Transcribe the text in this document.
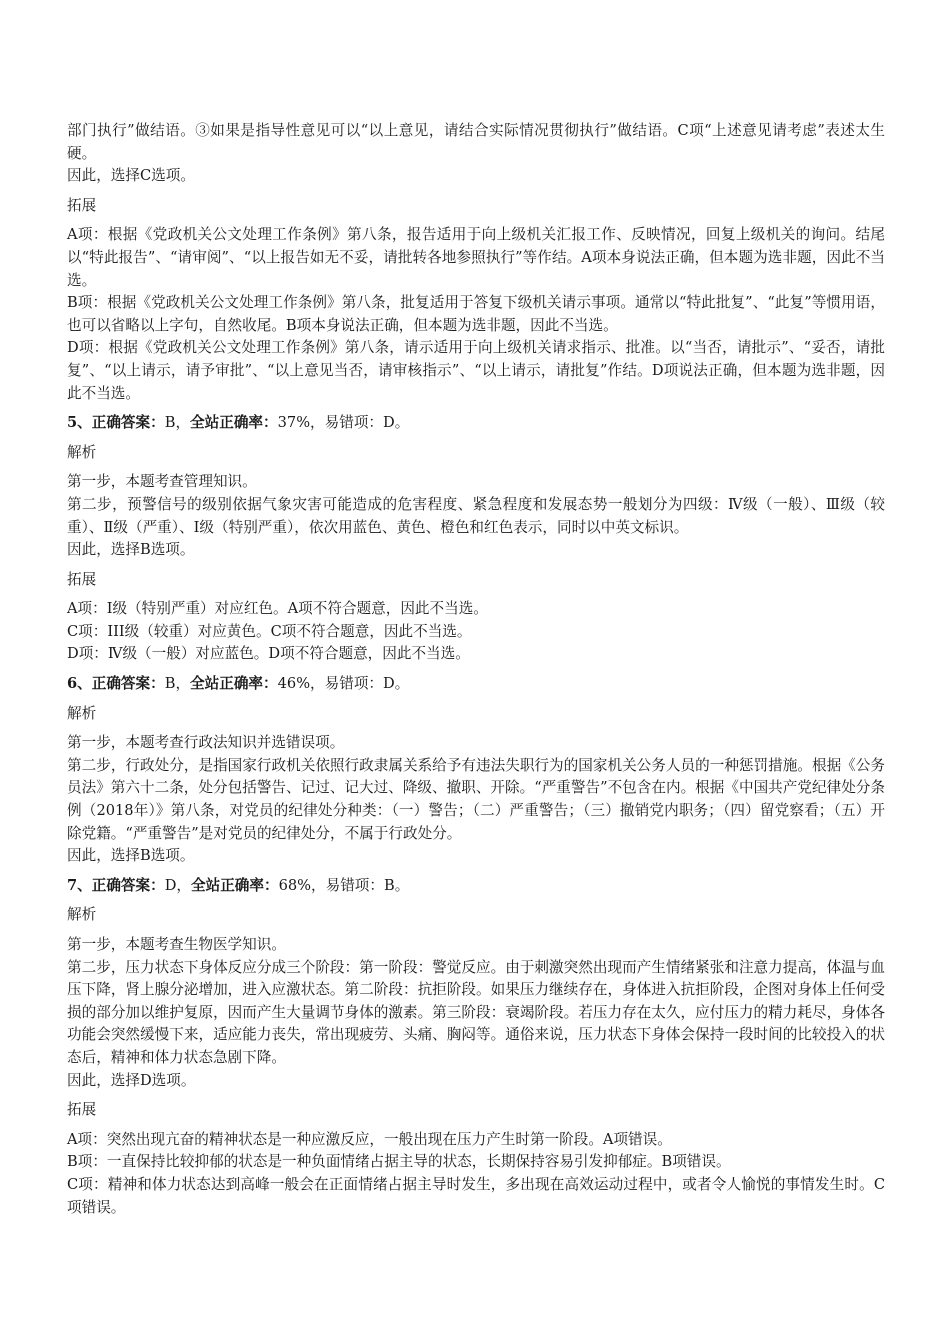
部门执行”做结语。③如果是指导性意见可以“以上意见，请结合实际情况贯彻执行”做结语。C项“上述意见请考虑”表述太生硬。

因此，选择C选项。

拓展

A项：根据《党政机关公文处理工作条例》第八条，报告适用于向上级机关汇报工作、反映情况，回复上级机关的询问。结尾以“特此报告”、“请审阅”、“以上报告如无不妥，请批转各地参照执行”等作结。A项本身说法正确，但本题为选非题，因此不当选。

B项：根据《党政机关公文处理工作条例》第八条，批复适用于答复下级机关请示事项。通常以“特此批复”、“此复”等惯用语，也可以省略以上字句，自然收尾。B项本身说法正确，但本题为选非题，因此不当选。

D项：根据《党政机关公文处理工作条例》第八条，请示适用于向上级机关请求指示、批准。以“当否，请批示”、“妥否，请批复”、“以上请示，请予审批”、“以上意见当否，请审核指示”、“以上请示，请批复”作结。D项说法正确，但本题为选非题，因此不当选。

5、正确答案：B，全站正确率：37%，易错项：D。

解析

第一步，本题考查管理知识。

第二步，预警信号的级别依据气象灾害可能造成的危害程度、紧急程度和发展态势一般划分为四级：Ⅳ级（一般）、Ⅲ级（较重）、Ⅱ级（严重）、Ⅰ级（特别严重），依次用蓝色、黄色、橙色和红色表示，同时以中英文标识。

因此，选择B选项。

拓展

A项：Ⅰ级（特别严重）对应红色。A项不符合题意，因此不当选。

C项：III级（较重）对应黄色。C项不符合题意，因此不当选。

D项：Ⅳ级（一般）对应蓝色。D项不符合题意，因此不当选。

6、正确答案：B，全站正确率：46%，易错项：D。

解析

第一步，本题考查行政法知识并选错误项。

第二步，行政处分，是指国家行政机关依照行政隶属关系给予有违法失职行为的国家机关公务人员的一种惩罚措施。根据《公务员法》第六十二条，处分包括警告、记过、记大过、降级、撤职、开除。“严重警告”不包含在内。根据《中国共产党纪律处分条例（2018年）》第八条，对党员的纪律处分种类：（一）警告；（二）严重警告；（三）撤销党内职务；（四）留党察看；（五）开除党籍。“严重警告”是对党员的纪律处分，不属于行政处分。

因此，选择B选项。

7、正确答案：D，全站正确率：68%，易错项：B。

解析

第一步，本题考查生物医学知识。

第二步，压力状态下身体反应分成三个阶段：第一阶段：警觉反应。由于刺激突然出现而产生情绪紧张和注意力提高，体温与血压下降，肾上腺分泌增加，进入应激状态。第二阶段：抗拒阶段。如果压力继续存在，身体进入抗拒阶段，企图对身体上任何受损的部分加以维护复原，因而产生大量调节身体的激素。第三阶段：衰竭阶段。若压力存在太久，应付压力的精力耗尽，身体各功能会突然缓慢下来，适应能力丧失，常出现疲劳、头痛、胸闷等。通俗来说，压力状态下身体会保持一段时间的比较投入的状态后，精神和体力状态急剧下降。

因此，选择D选项。

拓展

A项：突然出现亢奋的精神状态是一种应激反应，一般出现在压力产生时第一阶段。A项错误。

B项：一直保持比较抑郁的状态是一种负面情绪占据主导的状态，长期保持容易引发抑郁症。B项错误。

C项：精神和体力状态达到高峰一般会在正面情绪占据主导时发生，多出现在高效运动过程中，或者令人愉悦的事情发生时。C项错误。
